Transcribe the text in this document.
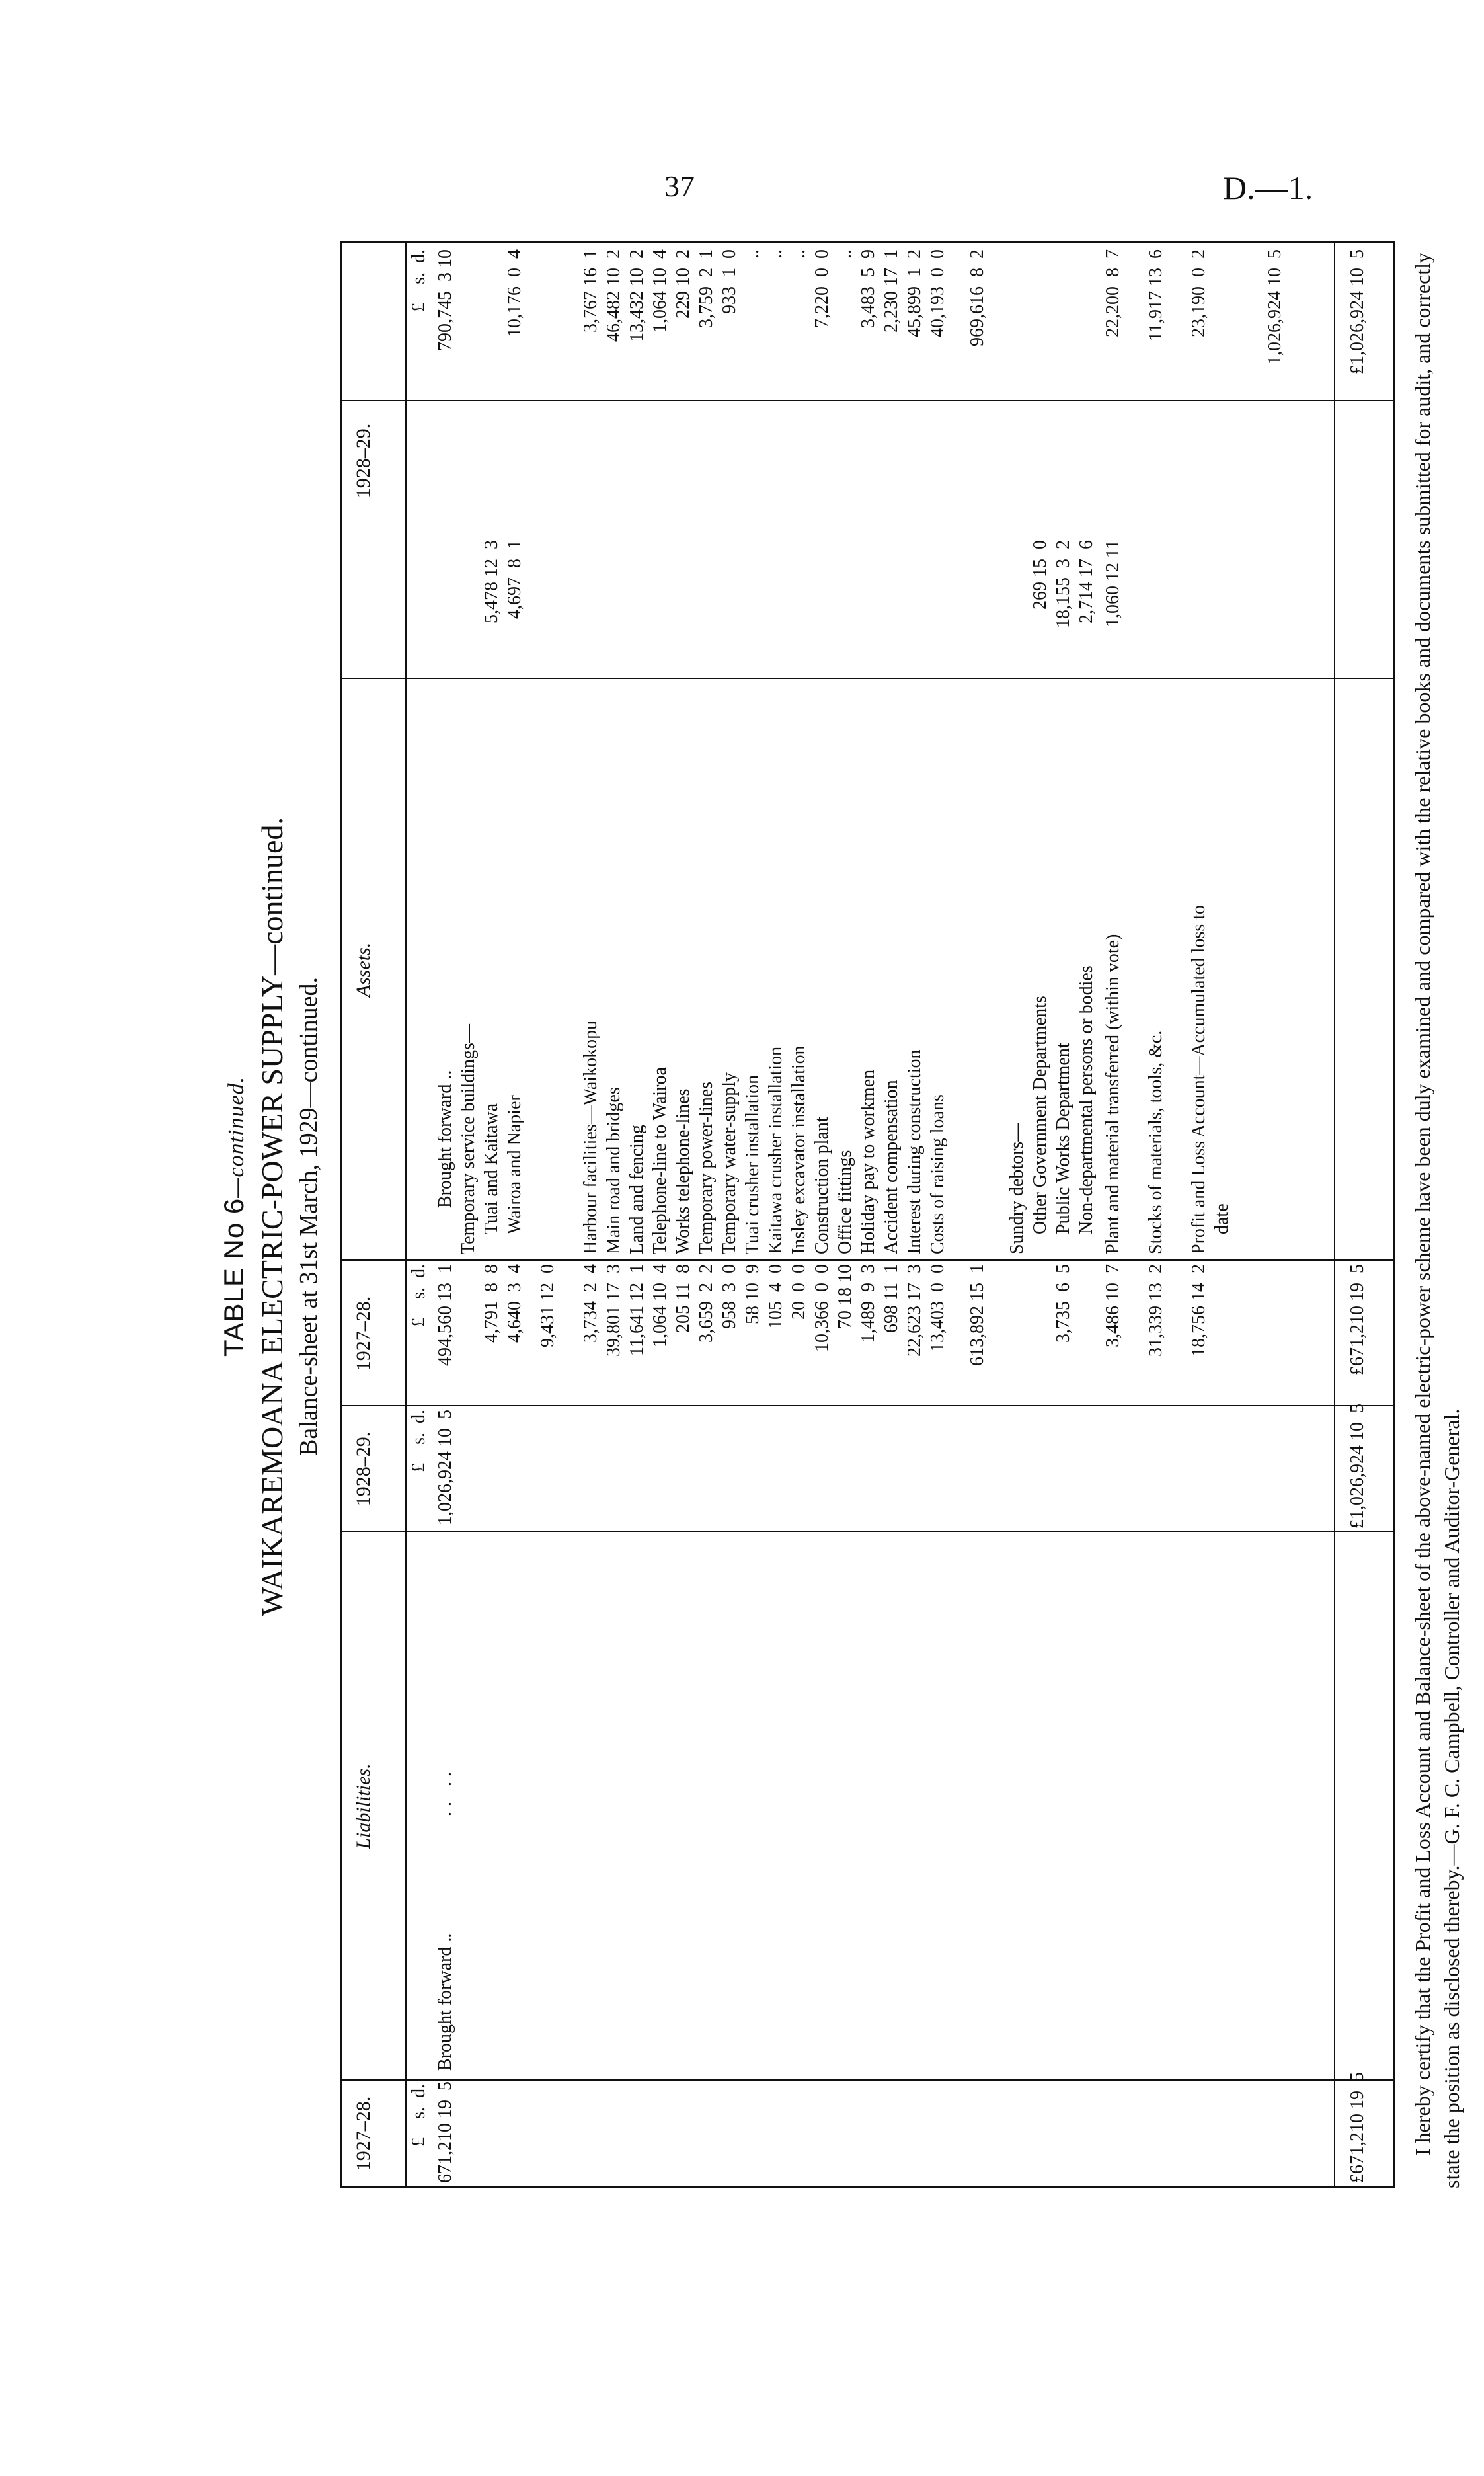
37	D.—1.
TABLE No 6—continued. WAIKAREMOANA ELECTRIC-POWER SUPPLY—continued. Balance-sheet at 31st March, 1929—continued.
1927–28.
Liabilities.
1928–29.
1927–28.
Assets.
1928–29.
£    s.  d.
£    s.  d.
£    s.  d.
£    s.  d.
671,210 19  5
Brought forward ..
.. ..
1,026,924 10  5
494,560 13  1
Brought forward ..
790,745  3 10
Temporary service buildings—
4,791  8  8
Tuai and Kaitawa
5,478 12  3
4,640  3  4
Wairoa and Napier
4,697  8  1
9,431 12  0
10,176  0  4
3,734  2  4
Harbour facilities—Waikokopu
3,767 16  1
39,801 17  3
Main road and bridges
46,482 10  2
11,641 12  1
Land and fencing
13,432 10  2
1,064 10  4
Telephone-line to Wairoa
1,064 10  4
205 11  8
Works telephone-lines
229 10  2
3,659  2  2
Temporary power-lines
3,759  2  1
958  3  0
Temporary water-supply
933  1  0
58 10  9
Tuai crusher installation
..
105  4  0
Kaitawa crusher installation
..
20  0  0
Insley excavator installation
..
10,366  0  0
Construction plant
7,220  0  0
70 18 10
Office fittings
..
1,489  9  3
Holiday pay to workmen
3,483  5  9
698 11  1
Accident compensation
2,230 17  1
22,623 17  3
Interest during construction
45,899  1  2
13,403  0  0
Costs of raising loans
40,193  0  0
613,892 15  1
969,616  8  2
Sundry debtors— Other Government Departments
269 15  0
3,735  6  5
Public Works Department
18,155  3  2
Non-departmental persons or bodies
2,714 17  6
3,486 10  7
Plant and material transferred (within vote)
1,060 12 11
22,200  8  7
31,339 13  2
Stocks of materials, tools, &c.
11,917 13  6
18,756 14  2
Profit and Loss Account—Accumulated loss to date
23,190  0  2	1,026,924 10  5
£671,210 19  5
£1,026,924 10  5
£671,210 19  5
£1,026,924 10  5 I hereby certify that the Profit and Loss Account and Balance-sheet of the above-named electric-power scheme have been duly examined and compared with the relative books and documents submitted for audit, and correctly state the position as disclosed thereby.—G. F. C. Campbell, Controller and Auditor-General.
